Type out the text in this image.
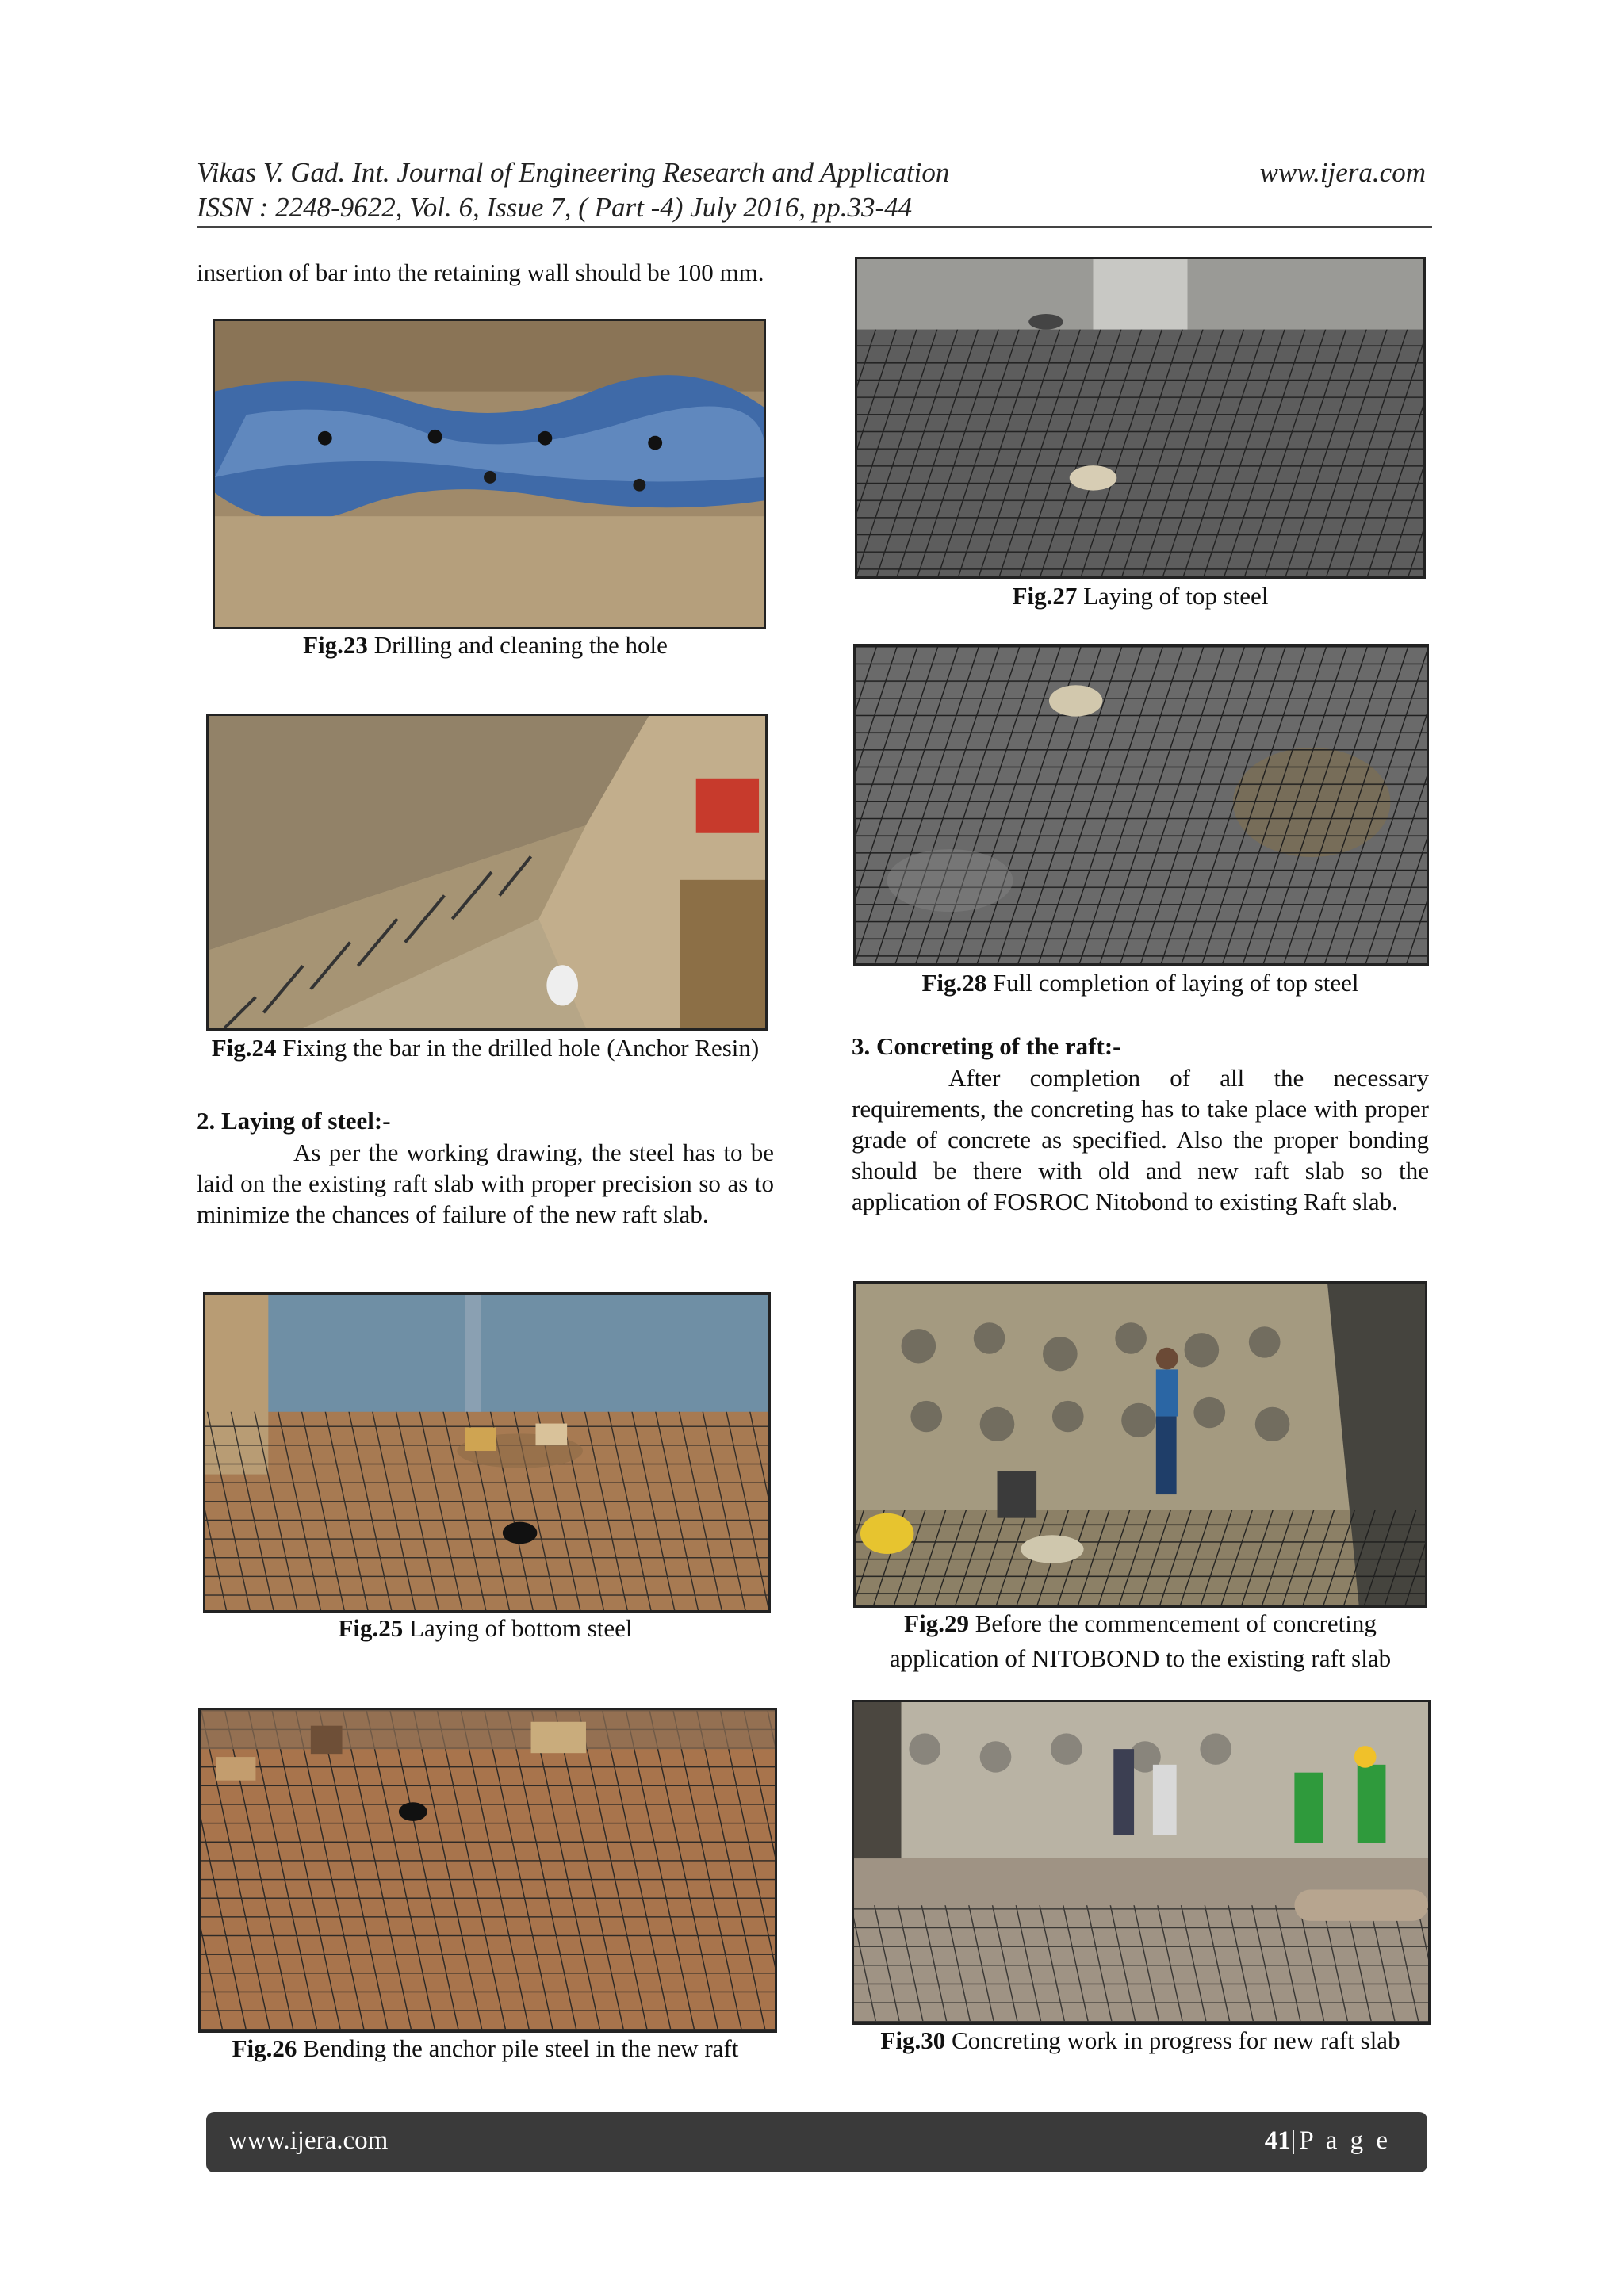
Vikas V. Gad. Int. Journal of Engineering Research and Application
ISSN : 2248-9622, Vol. 6, Issue 7, ( Part -4) July 2016, pp.33-44
www.ijera.com
insertion of bar into the retaining wall should be 100 mm.
Fig.23 Drilling and cleaning the hole
Fig.24 Fixing the bar in the drilled hole (Anchor Resin)
2. Laying of steel:-
As per the working drawing, the steel has to be laid on the existing raft slab with proper precision so as to minimize the chances of failure of the new raft slab.
Fig.25 Laying of bottom steel
Fig.26 Bending the anchor pile steel in the new raft
Fig.27 Laying of top steel
Fig.28 Full completion of laying of top steel
3. Concreting of the raft:-
After completion of all the necessary requirements, the concreting has to take place with proper grade of concrete as specified. Also the proper bonding should be there with old and new raft slab so the application of FOSROC Nitobond to existing Raft slab.
Fig.29 Before the commencement of concreting application of NITOBOND to the existing raft slab
Fig.30 Concreting work in progress for new raft slab
www.ijera.com	41|P a g e
